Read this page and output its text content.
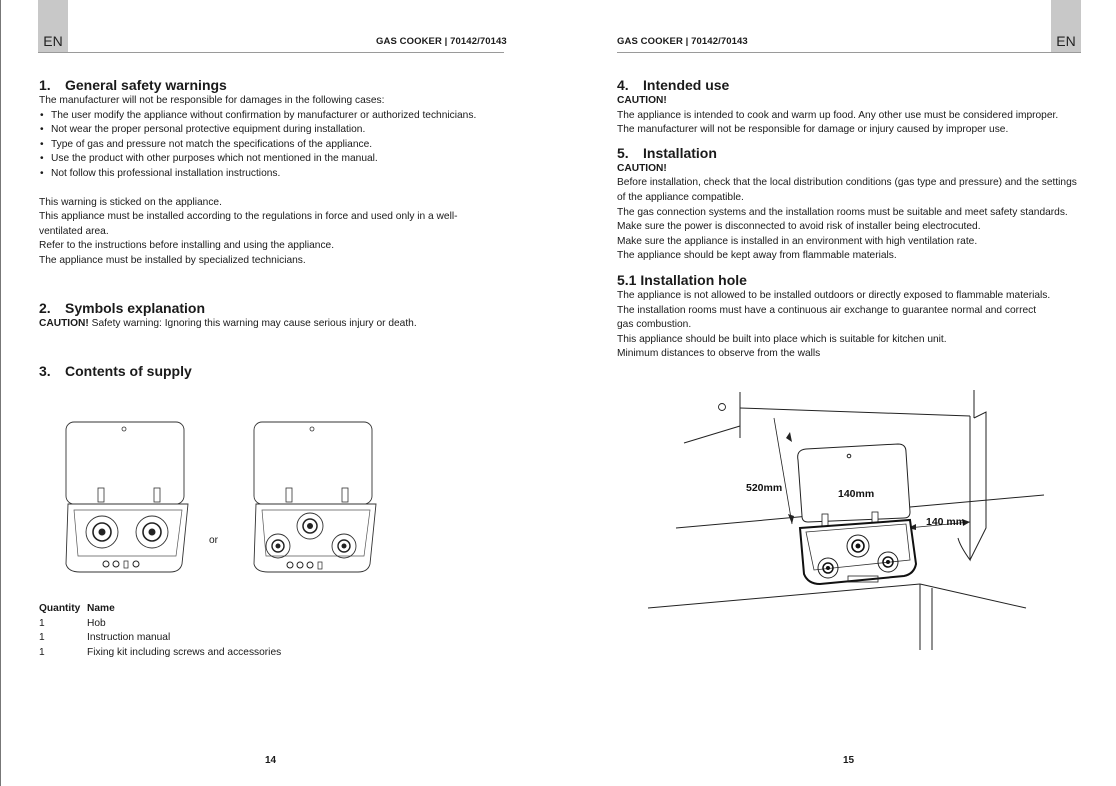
EN	GAS COOKER | 70142/70143
1. General safety warnings

The manufacturer will not be responsible for damages in the following cases:

• The user modify the appliance without confirmation by manufacturer or authorized technicians.
• Not wear the proper personal protective equipment during installation.
• Type of gas and pressure not match the specifications of the appliance.
• Use the product with other purposes which not mentioned in the manual.
• Not follow this professional installation instructions.

This warning is sticked on the appliance.

This appliance must be installed according to the regulations in force and used only in a well-ventilated area.

Refer to the instructions before installing and using the appliance.

The appliance must be installed by specialized technicians.

2. Symbols explanation

CAUTION! Safety warning: Ignoring this warning may cause serious injury or death.

3. Contents of supply
or
Quantity	Name
1	Hob
1	Instruction manual
1	Fixing kit including screws and accessories
14
GAS COOKER | 70142/70143	EN
4. Intended use

CAUTION!

The appliance is intended to cook and warm up food. Any other use must be considered improper. The manufacturer will not be responsible for damage or injury caused by improper use.

5. Installation

CAUTION!

Before installation, check that the local distribution conditions (gas type and pressure) and the settings of the appliance compatible.

The gas connection systems and the installation rooms must be suitable and meet safety standards.

Make sure the power is disconnected to avoid risk of installer being electrocuted.

Make sure the appliance is installed in an environment with high ventilation rate.

The appliance should be kept away from flammable materials.

5.1 Installation hole

The appliance is not allowed to be installed outdoors or directly exposed to flammable materials.

The installation rooms must have a continuous air exchange to guarantee normal and correct

gas combustion.

This appliance should be built into place which is suitable for kitchen unit.

Minimum distances to observe from the walls

520mm	140mm
140 mm
15
